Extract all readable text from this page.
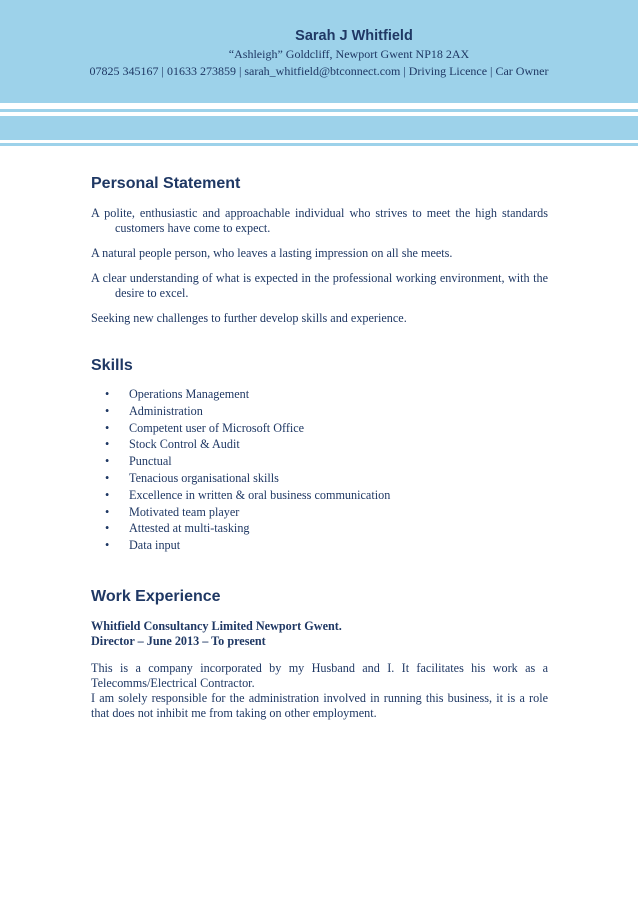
Sarah J Whitfield
“Ashleigh” Goldcliff, Newport Gwent NP18 2AX
07825 345167 | 01633 273859 | sarah_whitfield@btconnect.com | Driving Licence | Car Owner
Personal Statement

A polite, enthusiastic and approachable individual who strives to meet the high standards customers have come to expect.

A natural people person, who leaves a lasting impression on all she meets.

A clear understanding of what is expected in the professional working environment, with the desire to excel.

Seeking new challenges to further develop skills and experience.

Skills
• Operations Management
• Administration
• Competent user of Microsoft Office
• Stock Control & Audit
• Punctual
• Tenacious organisational skills
• Excellence in written & oral business communication
• Motivated team player
• Attested at multi-tasking
• Data input
Work Experience
Whitfield Consultancy Limited Newport Gwent.
Director – June 2013 – To present

This is a company incorporated by my Husband and I. It facilitates his work as a Telecomms/Electrical Contractor.

I am solely responsible for the administration involved in running this business, it is a role that does not inhibit me from taking on other employment.
